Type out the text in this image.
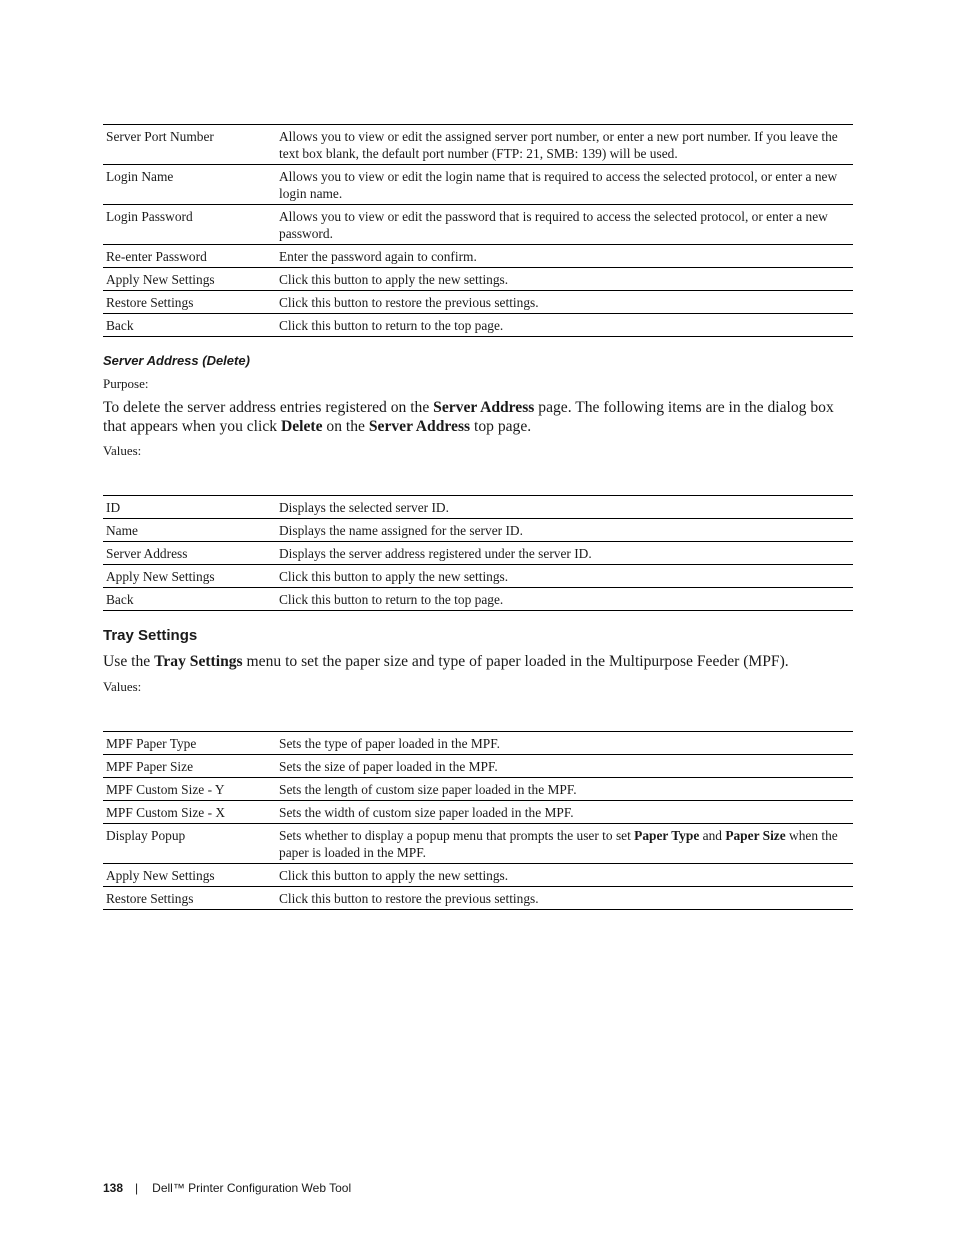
Server Port Number	Allows you to view or edit the assigned server port number, or enter a new port number. If you leave the text box blank, the default port number (FTP: 21, SMB: 139) will be used.
Login Name	Allows you to view or edit the login name that is required to access the selected protocol, or enter a new login name.
Login Password	Allows you to view or edit the password that is required to access the selected protocol, or enter a new password.
Re-enter Password	Enter the password again to confirm.
Apply New Settings	Click this button to apply the new settings.
Restore Settings	Click this button to restore the previous settings.
Back	Click this button to return to the top page.
Server Address (Delete)
Purpose:
To delete the server address entries registered on the Server Address page. The following items are in the dialog box that appears when you click Delete on the Server Address top page.
Values:
ID	Displays the selected server ID.
Name	Displays the name assigned for the server ID.
Server Address	Displays the server address registered under the server ID.
Apply New Settings	Click this button to apply the new settings.
Back	Click this button to return to the top page.
Tray Settings
Use the Tray Settings menu to set the paper size and type of paper loaded in the Multipurpose Feeder (MPF).
Values:
MPF Paper Type	Sets the type of paper loaded in the MPF.
MPF Paper Size	Sets the size of paper loaded in the MPF.
MPF Custom Size - Y	Sets the length of custom size paper loaded in the MPF.
MPF Custom Size - X	Sets the width of custom size paper loaded in the MPF.
Display Popup	Sets whether to display a popup menu that prompts the user to set Paper Type and Paper Size when the paper is loaded in the MPF.
Apply New Settings	Click this button to apply the new settings.
Restore Settings	Click this button to restore the previous settings.
138 | Dell™ Printer Configuration Web Tool
